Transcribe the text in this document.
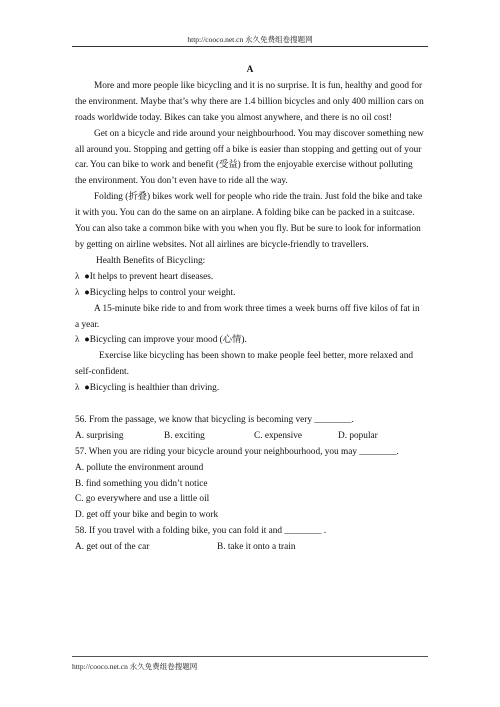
http://cooco.net.cn 永久免费组卷搜题网

A

More and more people like bicycling and it is no surprise. It is fun, healthy and good for the environment. Maybe that’s why there are 1.4 billion bicycles and only 400 million cars on roads worldwide today. Bikes can take you almost anywhere, and there is no oil cost!

Get on a bicycle and ride around your neighbourhood. You may discover something new all around you. Stopping and getting off a bike is easier than stopping and getting out of your car. You can bike to work and benefit (受益) from the enjoyable exercise without polluting the environment. You don’t even have to ride all the way.

Folding (折叠) bikes work well for people who ride the train. Just fold the bike and take it with you. You can do the same on an airplane. A folding bike can be packed in a suitcase. You can also take a common bike with you when you fly. But be sure to look for information by getting on airline websites. Not all airlines are bicycle-friendly to travellers.

Health Benefits of Bicycling:

λ ●It helps to prevent heart diseases.

λ ●Bicycling helps to control your weight.

A 15-minute bike ride to and from work three times a week burns off five kilos of fat in a year.

λ ●Bicycling can improve your mood (心情).

Exercise like bicycling has been shown to make people feel better, more relaxed and self-confident.

λ ●Bicycling is healthier than driving.

56. From the passage, we know that bicycling is becoming very ________.

A. surprising	B. exciting	C. expensive	D. popular

57. When you are riding your bicycle around your neighbourhood, you may ________.

A. pollute the environment around

B. find something you didn’t notice

C. go everywhere and use a little oil

D. get off your bike and begin to work

58. If you travel with a folding bike, you can fold it and ________ .

A. get out of the car	B. take it onto a train
http://cooco.net.cn 永久免费组卷搜题网
